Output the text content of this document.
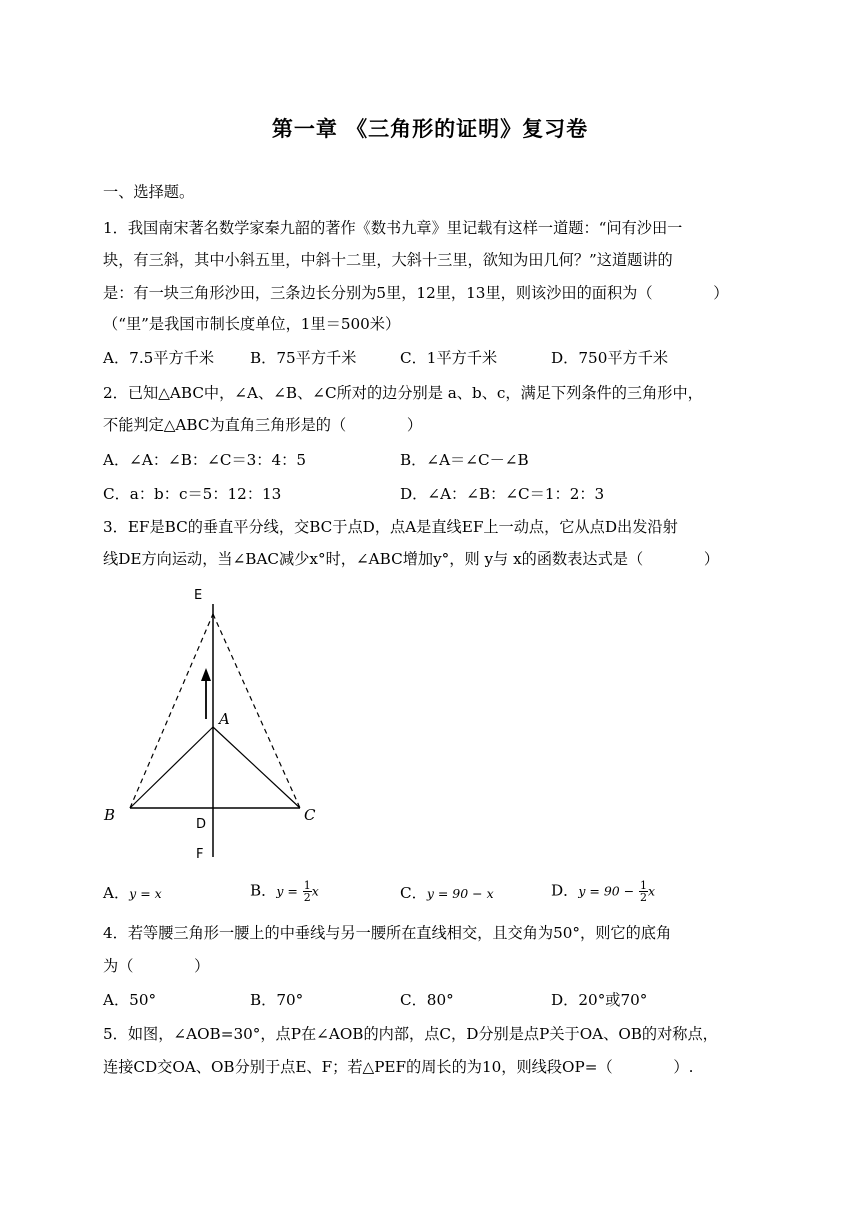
第一章 《三角形的证明》复习卷
一、选择题。
1．我国南宋著名数学家秦九韶的著作《数书九章》里记载有这样一道题：“问有沙田一
块，有三斜，其中小斜五里，中斜十二里，大斜十三里，欲知为田几何？”这道题讲的
是：有一块三角形沙田，三条边长分别为5里，12里，13里，则该沙田的面积为（　　　　）
（“里”是我国市制长度单位，1里＝500米）
A．7.5平方千米 B．75平方千米	C．1平方千米	D．750平方千米
2．已知△ABC中，∠A、∠B、∠C所对的边分别是 a、b、c，满足下列条件的三角形中，
不能判定△ABC为直角三角形是的（　　　　）
A．∠A：∠B：∠C＝3：4：5	B．∠A＝∠C－∠B
C．a：b：c＝5：12：13	D．∠A：∠B：∠C＝1：2：3
3．EF是BC的垂直平分线，交BC于点D，点A是直线EF上一动点，它从点D出发沿射
线DE方向运动，当∠BAC减少x°时，∠ABC增加y°，则 y与 x的函数表达式是（　　　　）
E
A
B	C
D
F
A．y = x	B．$y = \frac{1}{2}$ x	C．y = 90 − x	D．$y = 90 - \frac{1}{2}$ x
4．若等腰三角形一腰上的中垂线与另一腰所在直线相交，且交角为50°，则它的底角
为（　　　　）
A．50°	B．70°	C．80°	D．20°或70°
5．如图，∠AOB=30°，点P在∠AOB的内部，点C，D分别是点P关于OA、OB的对称点，
连接CD交OA、OB分别于点E、F；若△PEF的周长的为10，则线段OP=（　　　　）.
